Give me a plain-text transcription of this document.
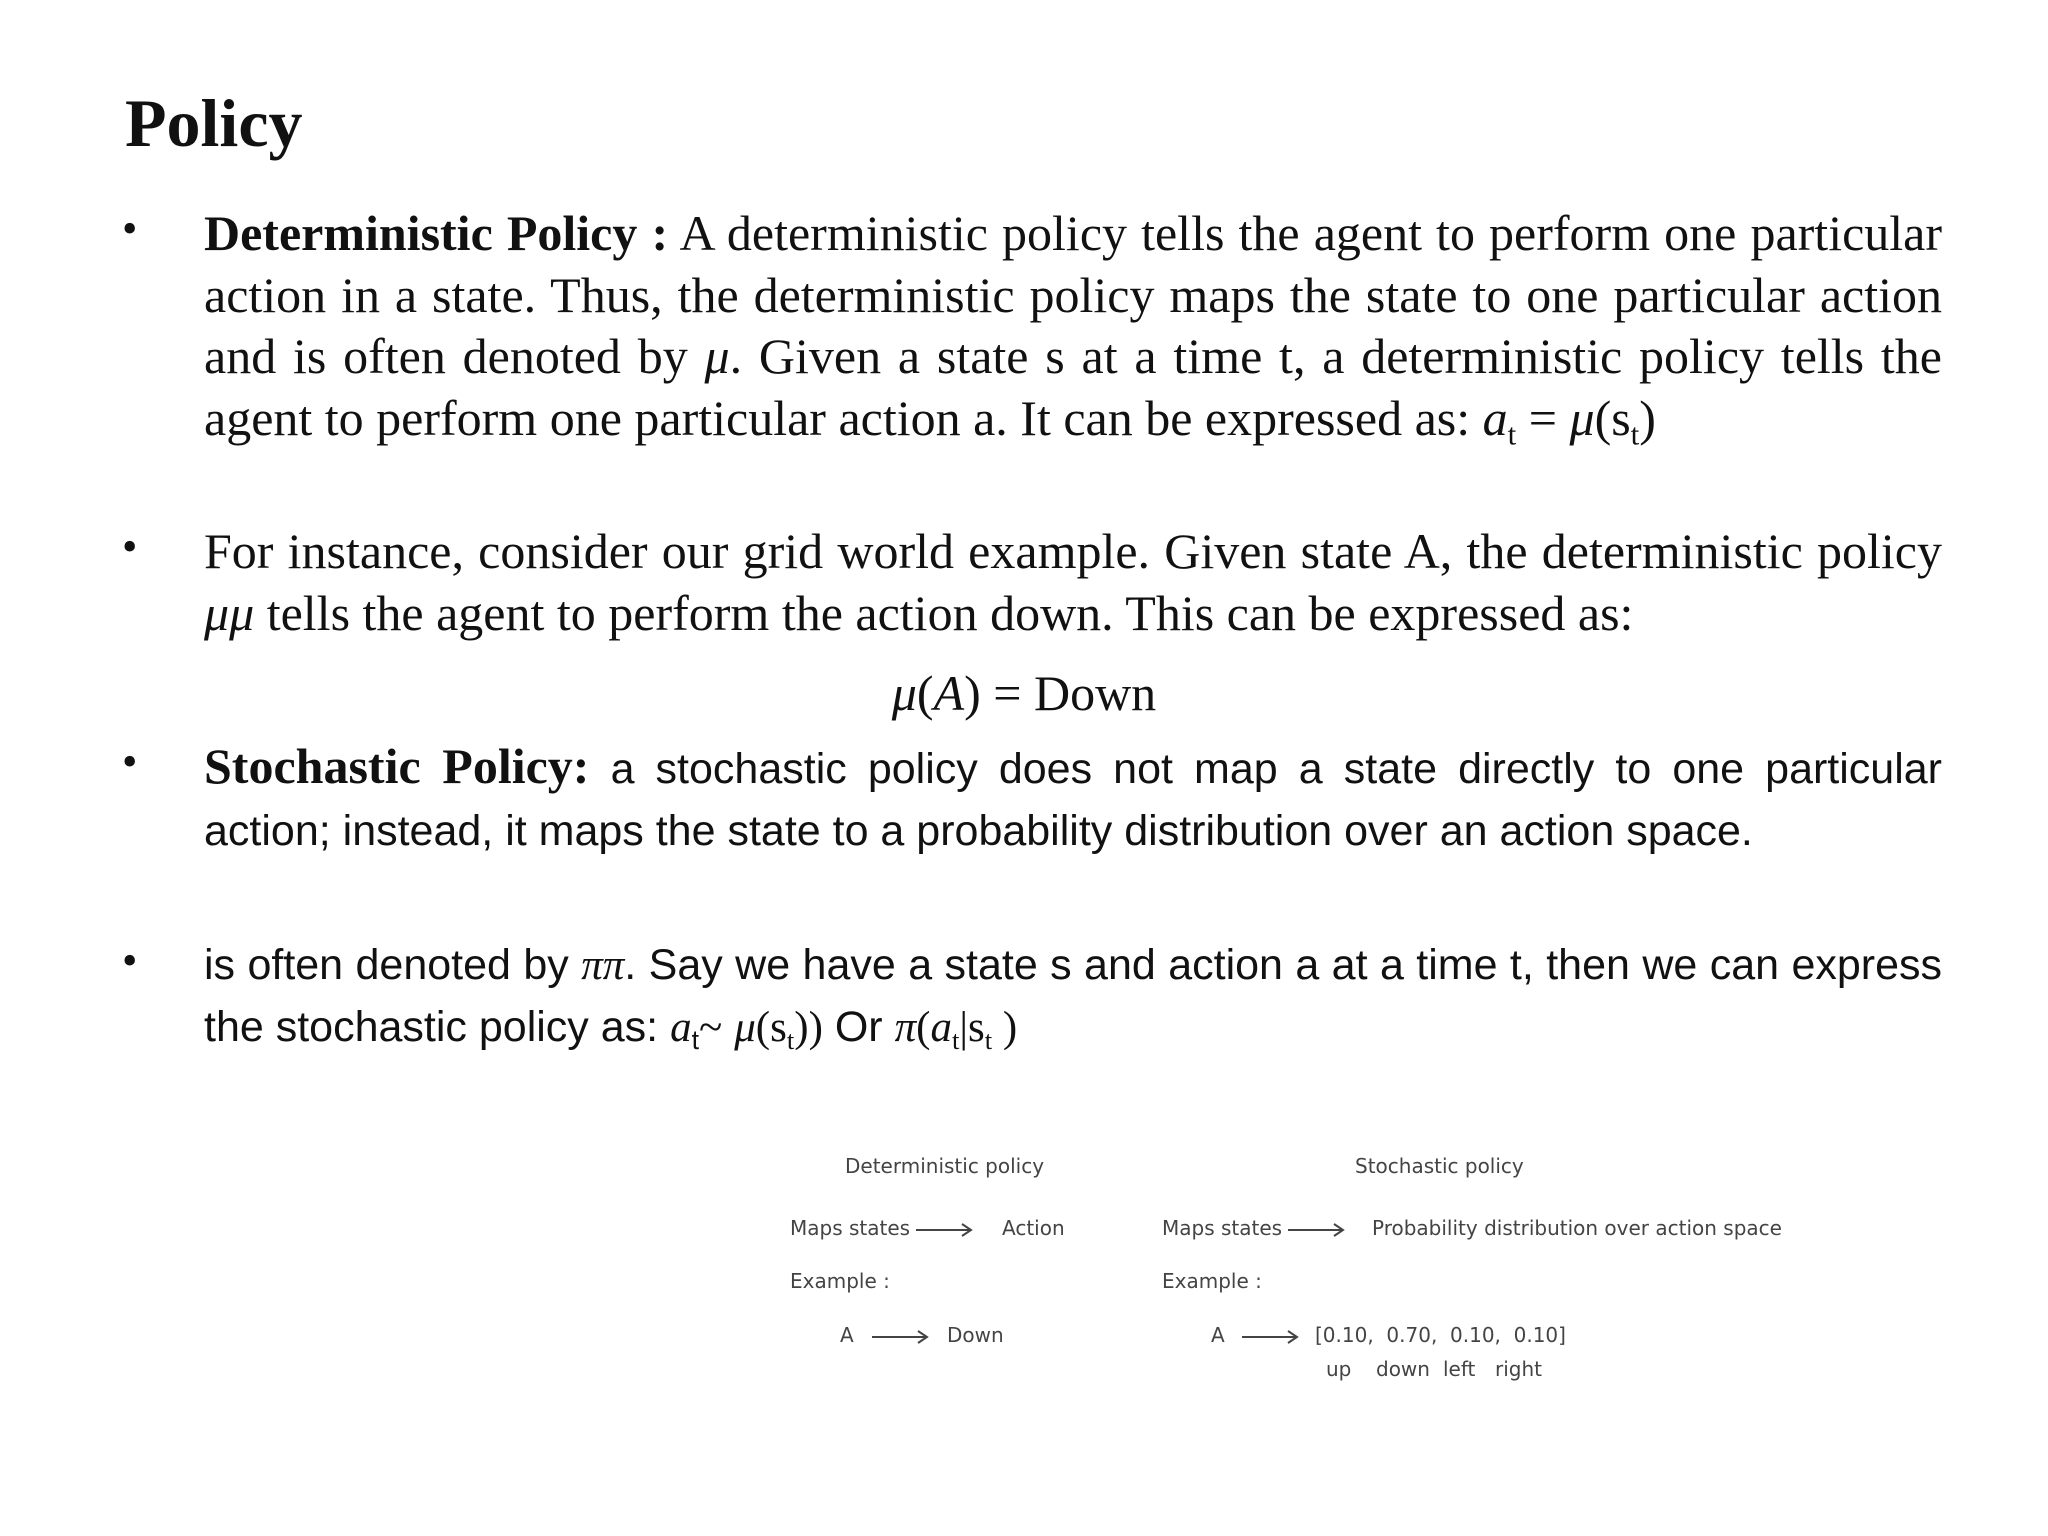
Policy
• Deterministic Policy : A deterministic policy tells the agent to perform one particular action in a state. Thus, the deterministic policy maps the state to one particular action and is often denoted by μ. Given a state s at a time t, a deterministic policy tells the agent to perform one particular action a. It can be expressed as: $a_t = \mu(s_t)$

• For instance, consider our grid world example. Given state A, the deterministic policy μμ tells the agent to perform the action down. This can be expressed as:

μ(A) = Down
• Stochastic Policy: a stochastic policy does not map a state directly to one particular action; instead, it maps the state to a probability distribution over an action space.

• is often denoted by ππ. Say we have a state s and action a at a time t, then we can express the stochastic policy as: $a_t\sim$ $\mu(s_t)$) Or $\pi(a_t|s_t$ )

Deterministic policy	Stochastic policy
Maps states	Action	Maps states	Probability distribution over action space
Example :	Example :
A	Down	A	[0.10,  0.70,  0.10,  0.10]
up down left right
